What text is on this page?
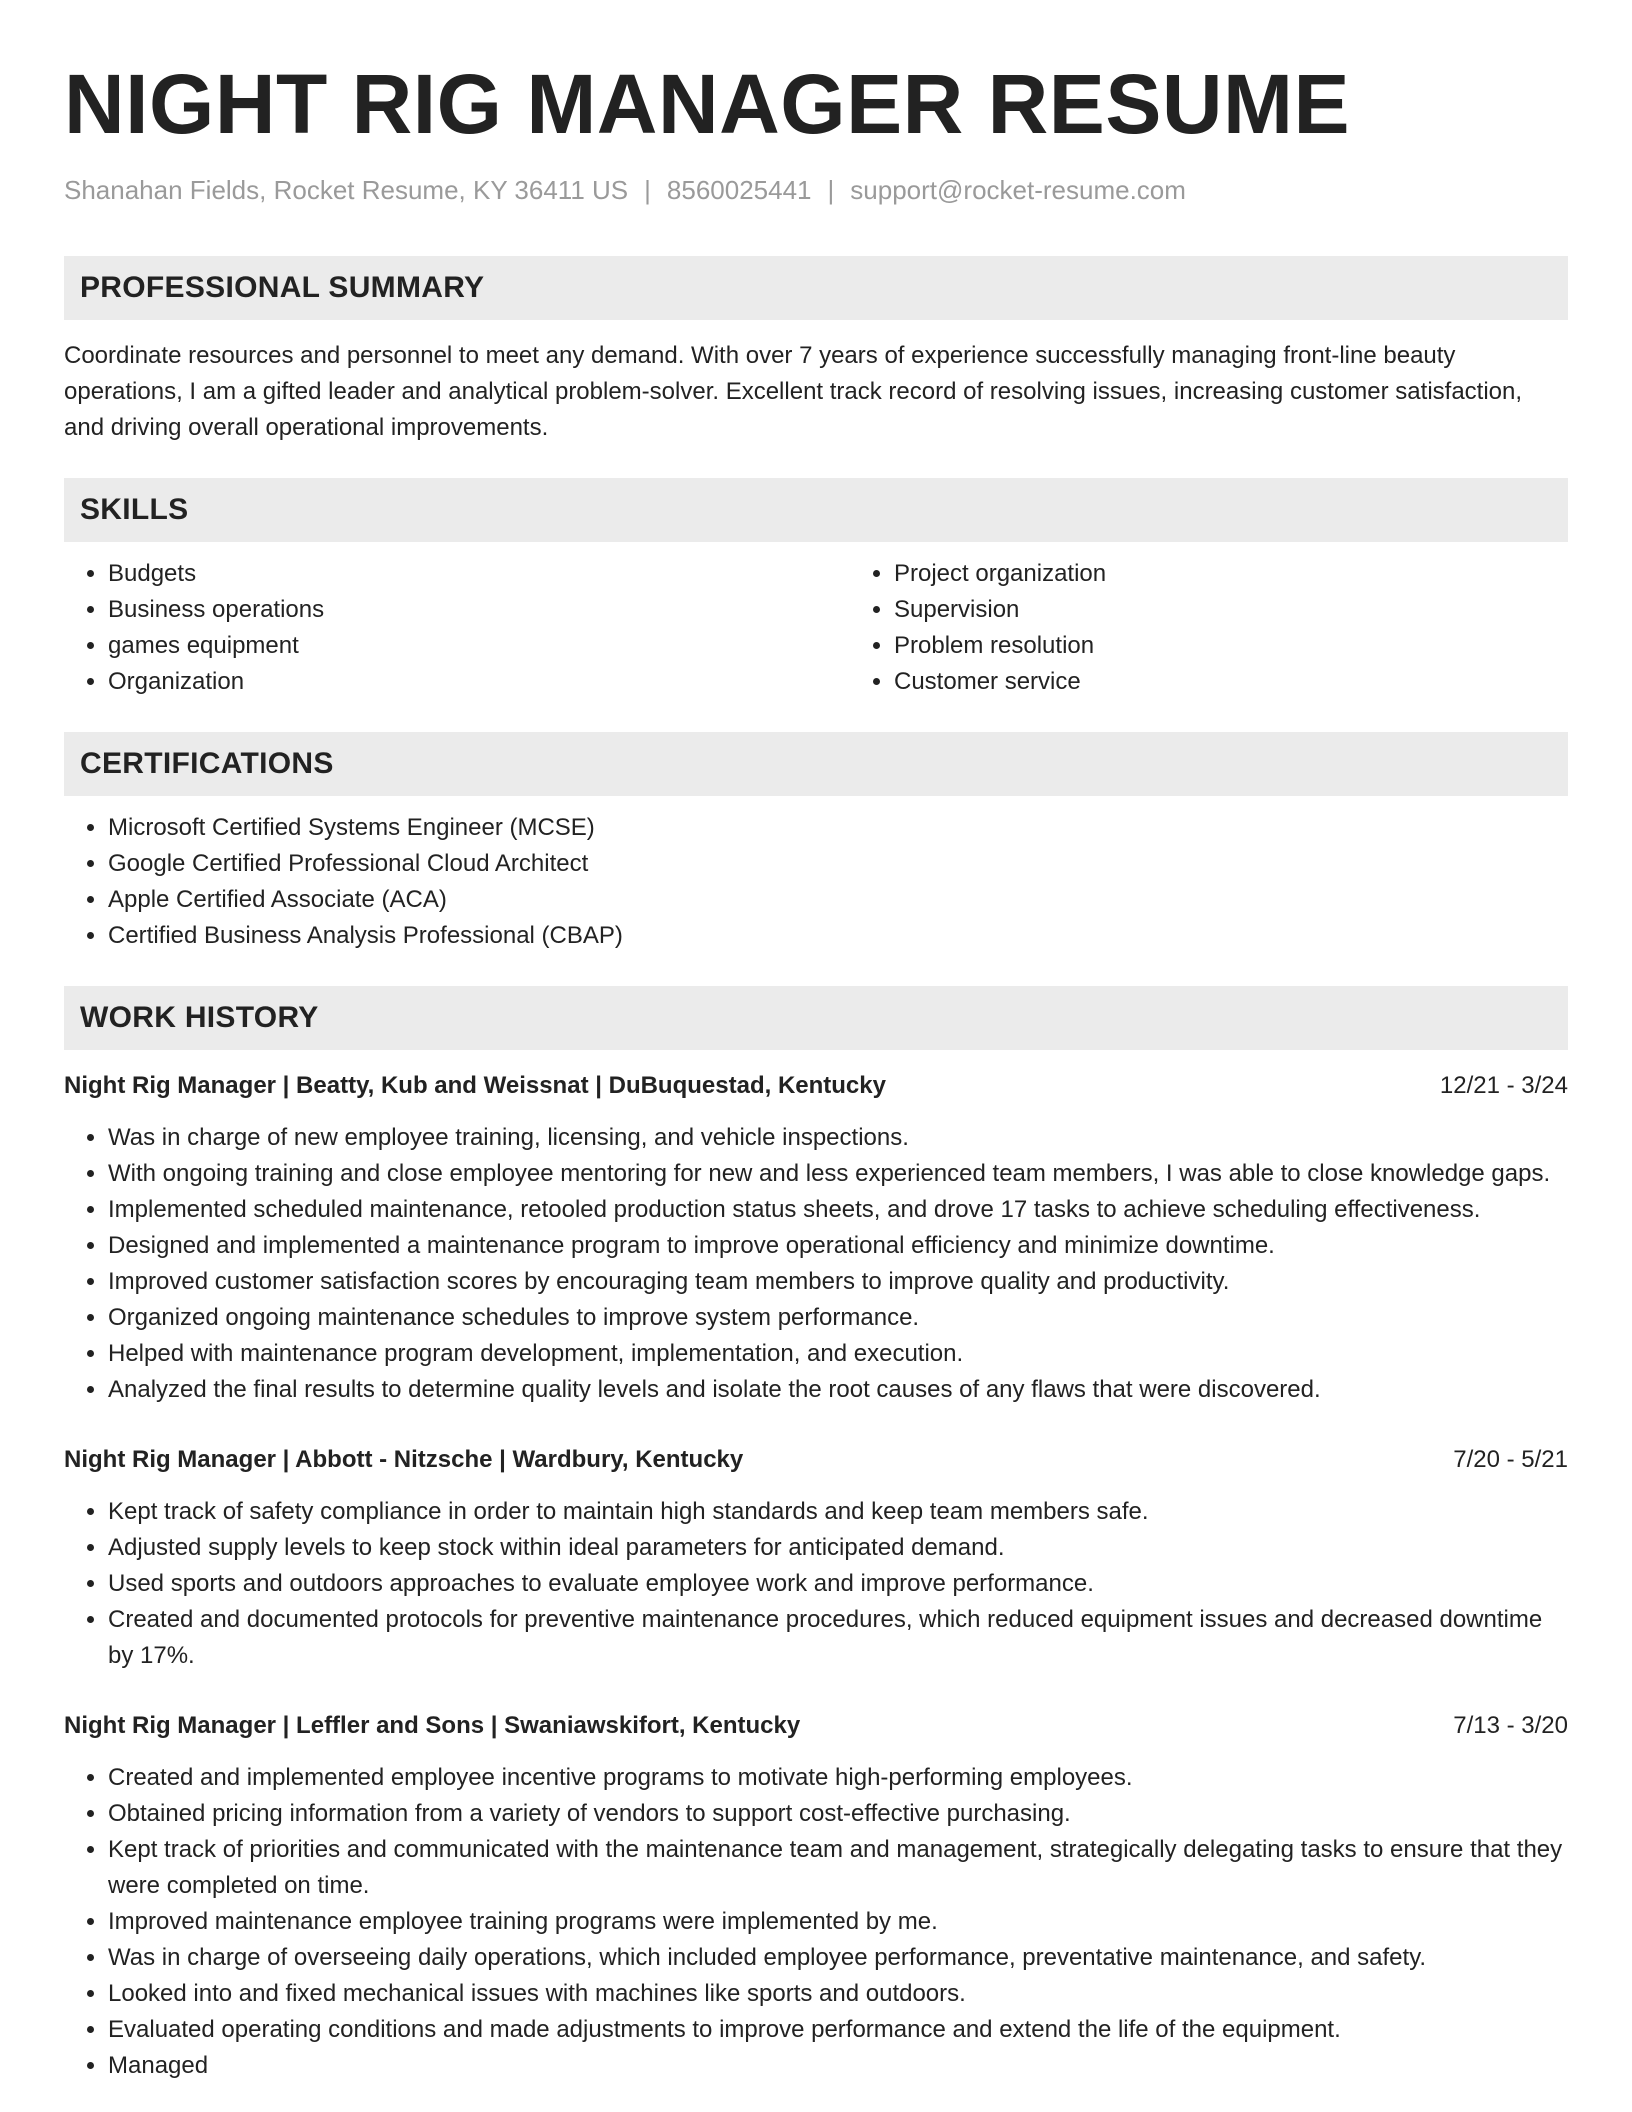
NIGHT RIG MANAGER RESUME
Shanahan Fields, Rocket Resume, KY 36411 US | 8560025441 | support@rocket-resume.com
PROFESSIONAL SUMMARY

Coordinate resources and personnel to meet any demand. With over 7 years of experience successfully managing front-line beauty operations, I am a gifted leader and analytical problem-solver. Excellent track record of resolving issues, increasing customer satisfaction, and driving overall operational improvements.

SKILLS
• Budgets
• Business operations
• games equipment
• Organization
• Project organization
• Supervision
• Problem resolution
• Customer service
CERTIFICATIONS
• Microsoft Certified Systems Engineer (MCSE)
• Google Certified Professional Cloud Architect
• Apple Certified Associate (ACA)
• Certified Business Analysis Professional (CBAP)
WORK HISTORY
Night Rig Manager | Beatty, Kub and Weissnat | DuBuquestad, Kentucky	12/21 - 3/24
• Was in charge of new employee training, licensing, and vehicle inspections.
• With ongoing training and close employee mentoring for new and less experienced team members, I was able to close knowledge gaps.
• Implemented scheduled maintenance, retooled production status sheets, and drove 17 tasks to achieve scheduling effectiveness.
• Designed and implemented a maintenance program to improve operational efficiency and minimize downtime.
• Improved customer satisfaction scores by encouraging team members to improve quality and productivity.
• Organized ongoing maintenance schedules to improve system performance.
• Helped with maintenance program development, implementation, and execution.
• Analyzed the final results to determine quality levels and isolate the root causes of any flaws that were discovered.
Night Rig Manager | Abbott - Nitzsche | Wardbury, Kentucky	7/20 - 5/21
• Kept track of safety compliance in order to maintain high standards and keep team members safe.
• Adjusted supply levels to keep stock within ideal parameters for anticipated demand.
• Used sports and outdoors approaches to evaluate employee work and improve performance.
• Created and documented protocols for preventive maintenance procedures, which reduced equipment issues and decreased downtime by 17%.
Night Rig Manager | Leffler and Sons | Swaniawskifort, Kentucky	7/13 - 3/20
• Created and implemented employee incentive programs to motivate high-performing employees.
• Obtained pricing information from a variety of vendors to support cost-effective purchasing.
• Kept track of priorities and communicated with the maintenance team and management, strategically delegating tasks to ensure that they were completed on time.
• Improved maintenance employee training programs were implemented by me.
• Was in charge of overseeing daily operations, which included employee performance, preventative maintenance, and safety.
• Looked into and fixed mechanical issues with machines like sports and outdoors.
• Evaluated operating conditions and made adjustments to improve performance and extend the life of the equipment.
• Managed
